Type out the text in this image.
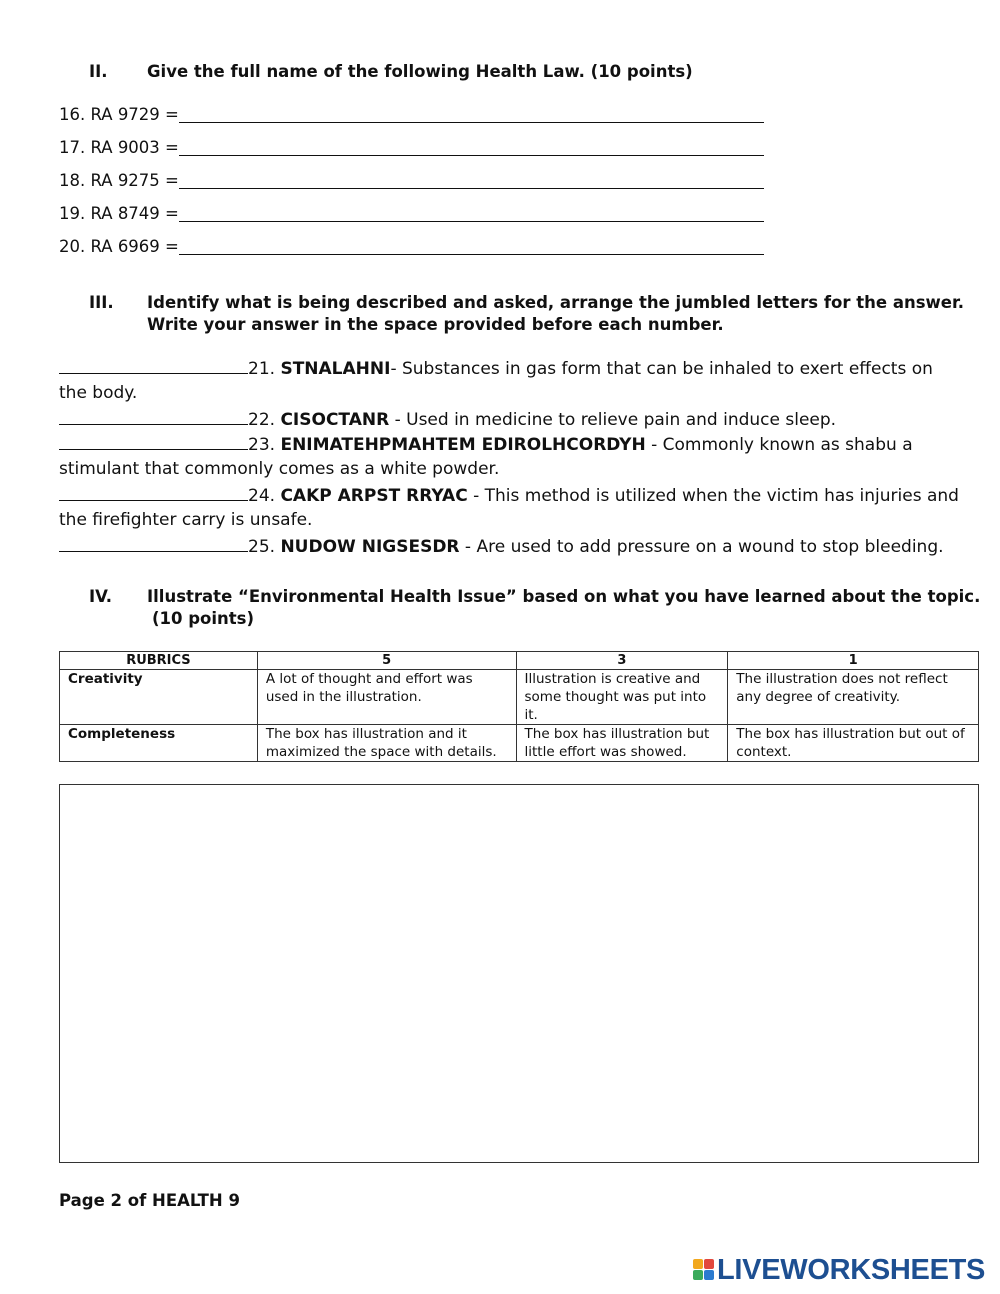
II. Give the full name of the following Health Law. (10 points)
16. RA 9729 =
17. RA 9003 =
18. RA 9275 =
19. RA 8749 =
20. RA 6969 =
III. Identify what is being described and asked, arrange the jumbled letters for the answer.
Write your answer in the space provided before each number.
21. STNALAHNI- Substances in gas form that can be inhaled to exert effects on
the body.
22. CISOCTANR - Used in medicine to relieve pain and induce sleep.
23. ENIMATEHPMAHTEM EDIROLHCORDYH - Commonly known as shabu a
stimulant that commonly comes as a white powder.
24. CAKP ARPST RRYAC - This method is utilized when the victim has injuries and
the firefighter carry is unsafe.
25. NUDOW NIGSESDR - Are used to add pressure on a wound to stop bleeding.
IV. Illustrate “Environmental Health Issue” based on what you have learned about the topic.
(10 points)
RUBRICS	5	3	1
Creativity	A lot of thought and effort was used in the illustration.	Illustration is creative and some thought was put into it.	The illustration does not reflect any degree of creativity.
Completeness	The box has illustration and it maximized the space with details.	The box has illustration but little effort was showed.	The box has illustration but out of context.
Page 2 of HEALTH 9
LIVEWORKSHEETS
